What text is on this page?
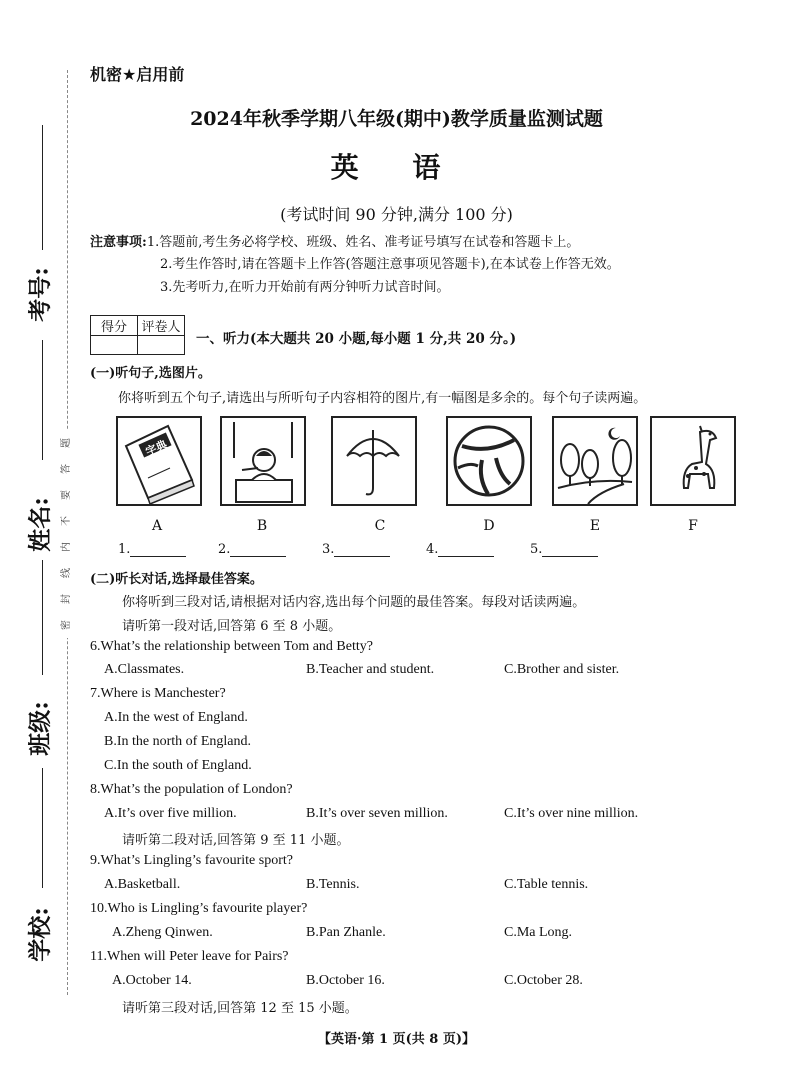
考号:
姓名:
班级:
学校:
题
答
要
不
内
线
封
密
机密★启用前
2024年秋季学期八年级(期中)教学质量监测试题
英 语
(考试时间 90 分钟,满分 100 分)
注意事项:1.答题前,考生务必将学校、班级、姓名、准考证号填写在试卷和答题卡上。
2.考生作答时,请在答题卡上作答(答题注意事项见答题卡),在本试卷上作答无效。
3.先考听力,在听力开始前有两分钟听力试音时间。
得分	评卷人

一、听力(本大题共 20 小题,每小题 1 分,共 20 分。)
(一)听句子,选图片。
你将听到五个句子,请选出与所听句子内容相符的图片,有一幅图是多余的。每个句子读两遍。
字典
A	B	C	D	E	F
1.	2.	3.	4.	5.
(二)听长对话,选择最佳答案。
你将听到三段对话,请根据对话内容,选出每个问题的最佳答案。每段对话读两遍。
请听第一段对话,回答第 6 至 8 小题。
6.What’s the relationship between Tom and Betty?
A.Classmates.	B.Teacher and student.	C.Brother and sister.
7.Where is Manchester?
A.In the west of England.
B.In the north of England.
C.In the south of England.
8.What’s the population of London?
A.It’s over five million.	B.It’s over seven million.	C.It’s over nine million.
请听第二段对话,回答第 9 至 11 小题。
9.What’s Lingling’s favourite sport?
A.Basketball.	B.Tennis.	C.Table tennis.
10.Who is Lingling’s favourite player?
A.Zheng Qinwen.	B.Pan Zhanle.	C.Ma Long.
11.When will Peter leave for Pairs?
A.October 14.	B.October 16.	C.October 28.
请听第三段对话,回答第 12 至 15 小题。
【英语·第 1 页(共 8 页)】
